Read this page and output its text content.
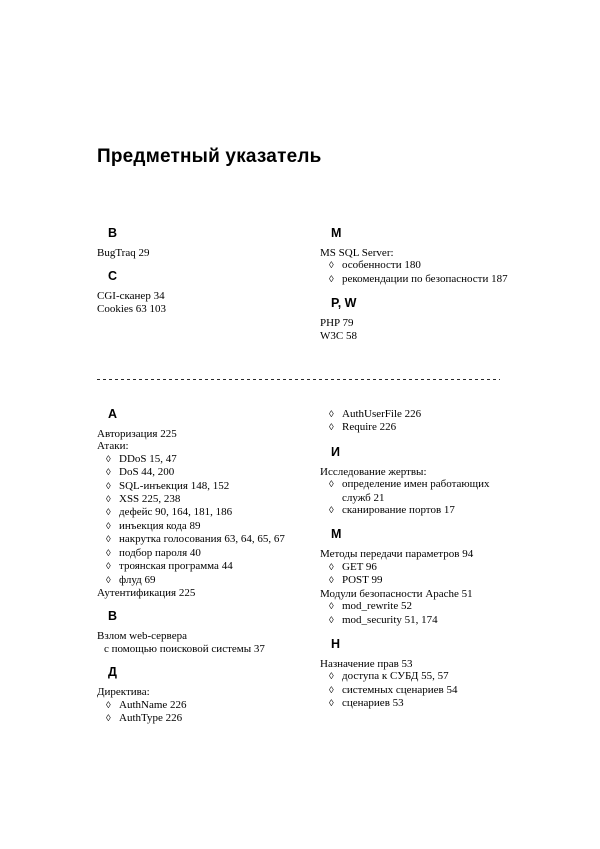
Предметный указатель
B
BugTraq 29
C
CGI-сканер 34
Cookies 63 103
M
MS SQL Server:
◊ особенности 180
◊ рекомендации по безопасности 187
P, W
PHP 79
W3C 58
А
Авторизация 225
Атаки:
◊ DDoS 15, 47
◊ DoS 44, 200
◊ SQL-инъекция 148, 152
◊ XSS 225, 238
◊ дефейс 90, 164, 181, 186
◊ инъекция кода 89
◊ накрутка голосования 63, 64, 65, 67
◊ подбор пароля 40
◊ троянская программа 44
◊ флуд 69
Аутентификация 225
В
Взлом web-сервера
с помощью поисковой системы 37
Д
Директива:
◊ AuthName 226
◊ AuthType 226
◊ AuthUserFile 226
◊ Require 226
И
Исследование жертвы:
◊ определение имен работающих
служб 21
◊ сканирование портов 17
М
Методы передачи параметров 94
◊ GET 96
◊ POST 99
Модули безопасности Apache 51
◊ mod_rewrite 52
◊ mod_security 51, 174
Н
Назначение прав 53
◊ доступа к СУБД 55, 57
◊ системных сценариев 54
◊ сценариев 53
